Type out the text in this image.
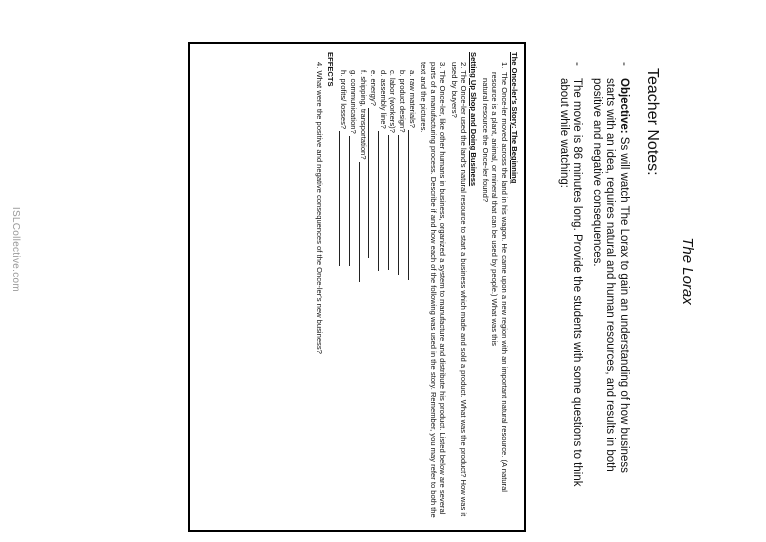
The Lorax

Teacher Notes:
-
Objective: Ss will watch The Lorax to gain an understanding of how business starts with an idea, requires natural and human resources, and results in both positive and negative consequences.
-
The movie is 86 minutes long. Provide the students with some questions to think about while watching:

The Once-ler's Story: The Beginning

1.
The Once-ler moved across the land in his wagon. He came upon a new region with an important natural resource. (A natural resource is a plant, animal, or mineral that can be used by people.) What was this
natural resource the Once-ler found?

Setting Up Shop and Doing Business

2. The Once-ler used the land's natural resource to start a business which made and sold a product. What was the product? How was it used by buyers?

3. The Once-ler, like other humans in business, organized a system to manufacture and distribute his product. Listed below are several parts of a manufacturing process. Describe if and how each of the following was used in the story. Remember, you may refer to both the text and the pictures.

a. raw materials?
b. product design?
c. labor (workers)?
d. assembly line?
e. energy?
f. shipping, transportation?
g. communication?
h. profits/ losses?

EFFECTS

4. What were the positive and negative consequences of the Once-ler's new business?

ISLCollective.com
